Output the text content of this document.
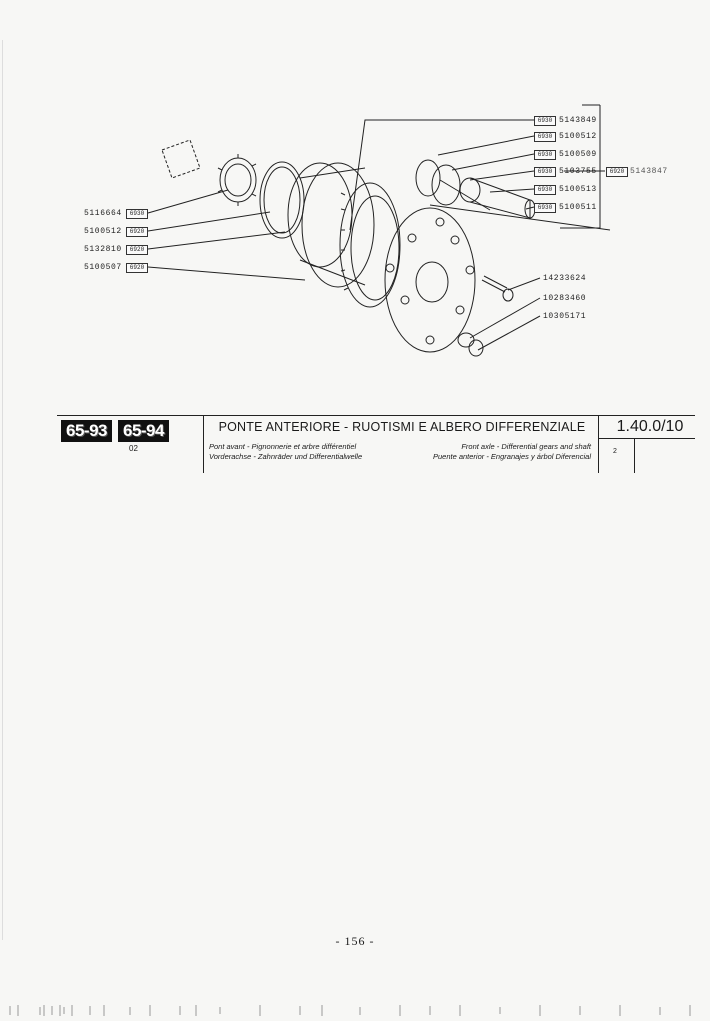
5116664	6930
5100512	6920
5132810	6920
5100507	6920
6930 5143849
6930 5100512
6930 5100509
6930 5103755
6930 5100513
6930 5100511
6920 5143847
14233624
10283460
10305171
65-93 65-94
02
PONTE ANTERIORE - RUOTISMI E ALBERO DIFFERENZIALE
Pont avant - Pignonnerie et arbre différentiel
Vorderachse - Zahnräder und Differentialwelle
Front axle - Differential gears and shaft
Puente anterior - Engranajes y árbol Diferencial
1.40.0/10
2
- 156 -
